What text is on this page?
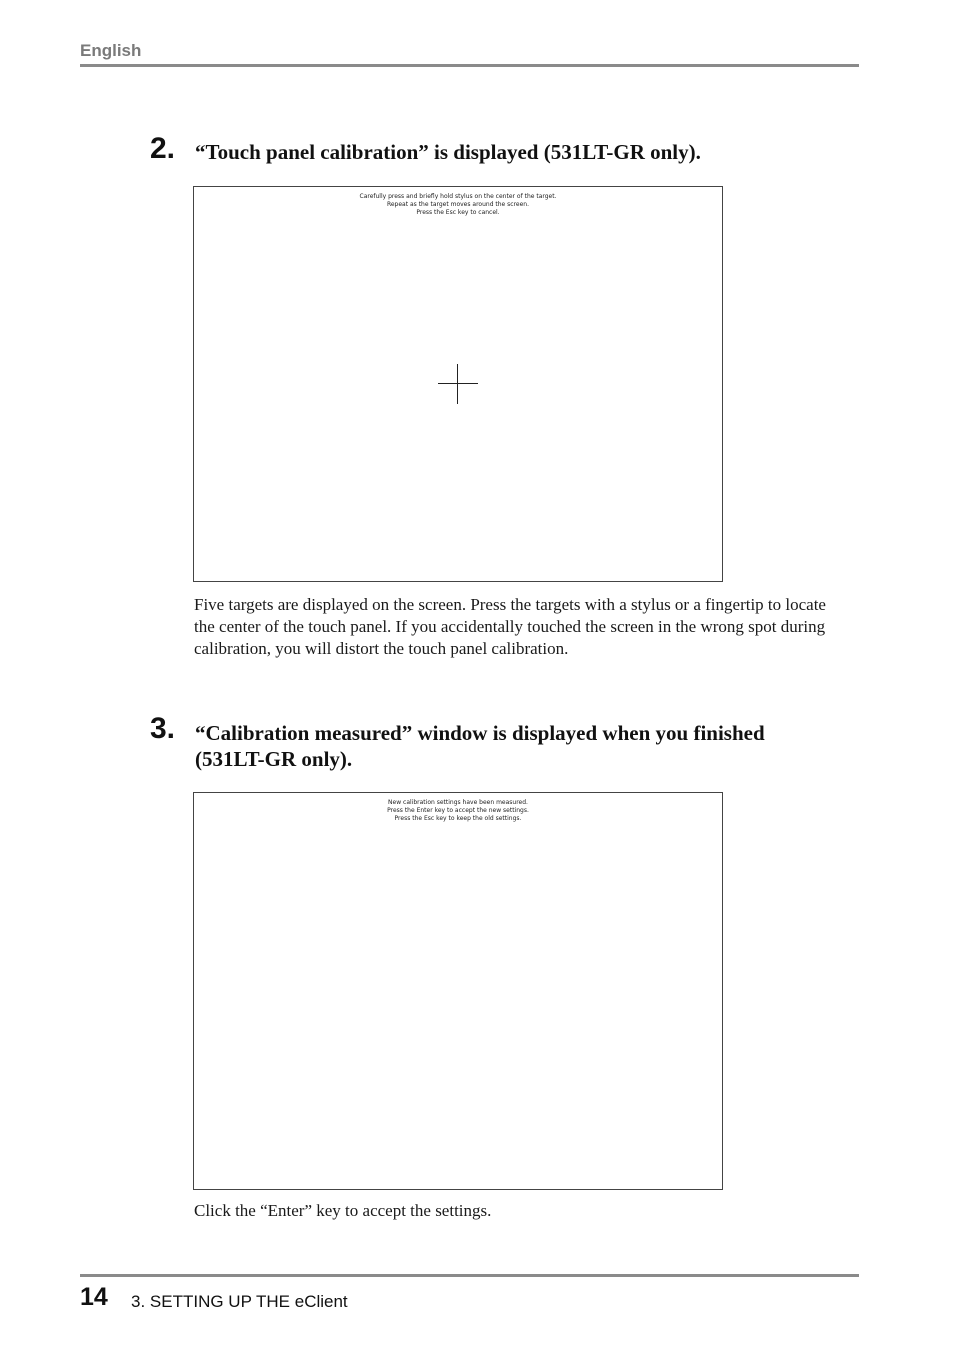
English
2. “Touch panel calibration” is displayed (531LT-GR only).
Carefully press and briefly hold stylus on the center of the target.
Repeat as the target moves around the screen.
Press the Esc key to cancel.
Five targets are displayed on the screen. Press the targets with a stylus or a fingertip to locate the center of the touch panel. If you accidentally touched the screen in the wrong spot during calibration, you will distort the touch panel calibration.
3. “Calibration measured” window is displayed when you finished
(531LT-GR only).
New calibration settings have been measured.
Press the Enter key to accept the new settings.
Press the Esc key to keep the old settings.
Click the “Enter” key to accept the settings.
14 3. SETTING UP THE eClient
